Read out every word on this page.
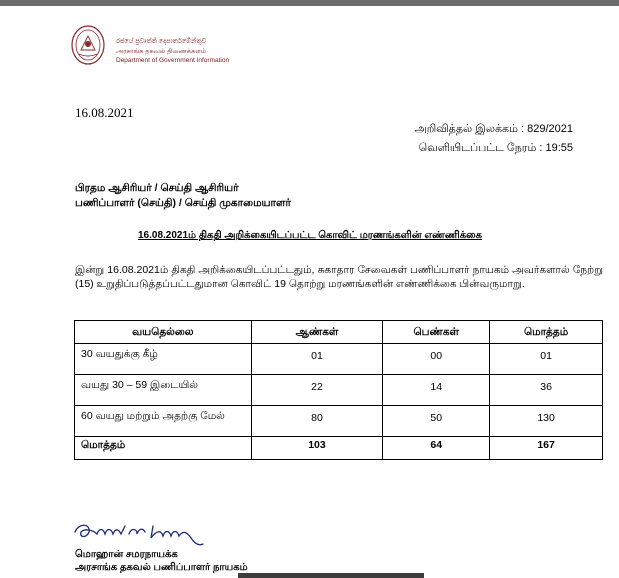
රජයේ ප්‍රවෘත්ති දෙපාර්තමේන්තුව
அரசாங்க தகவல் திணைக்களம்
Department of Government Information
16.08.2021
அறிவித்தல் இலக்கம் : 829/2021
வெளியிடப்பட்ட நேரம் : 19:55
பிரதம ஆசிரியர் / செய்தி ஆசிரியர்
பணிப்பாளர் (செய்தி) / செய்தி முகாமையாளர்
16.08.2021ம் திகதி அறிக்கையிடப்பட்ட கொவிட் மரணங்களின் எண்ணிக்கை
இன்று 16.08.2021ம் திகதி அறிக்கையிடப்பட்டதும், சுகாதார சேவைகள் பணிப்பாளர் நாயகம் அவர்களால் நேற்று (15) உறுதிப்படுத்தப்பட்டதுமான கொவிட் 19 தொற்று மரணங்களின் எண்ணிக்கை பின்வருமாறு.
வயதெல்லை	ஆண்கள்	பெண்கள்	மொத்தம்
30 வயதுக்கு கீழ்	01	00	01
வயது 30 – 59 இடையில்	22	14	36
60 வயது மற்றும் அதற்கு மேல்	80	50	130
மொத்தம்	103	64	167
மொஹான் சமரநாயக்க
அரசாங்க தகவல் பணிப்பாளர் நாயகம்
